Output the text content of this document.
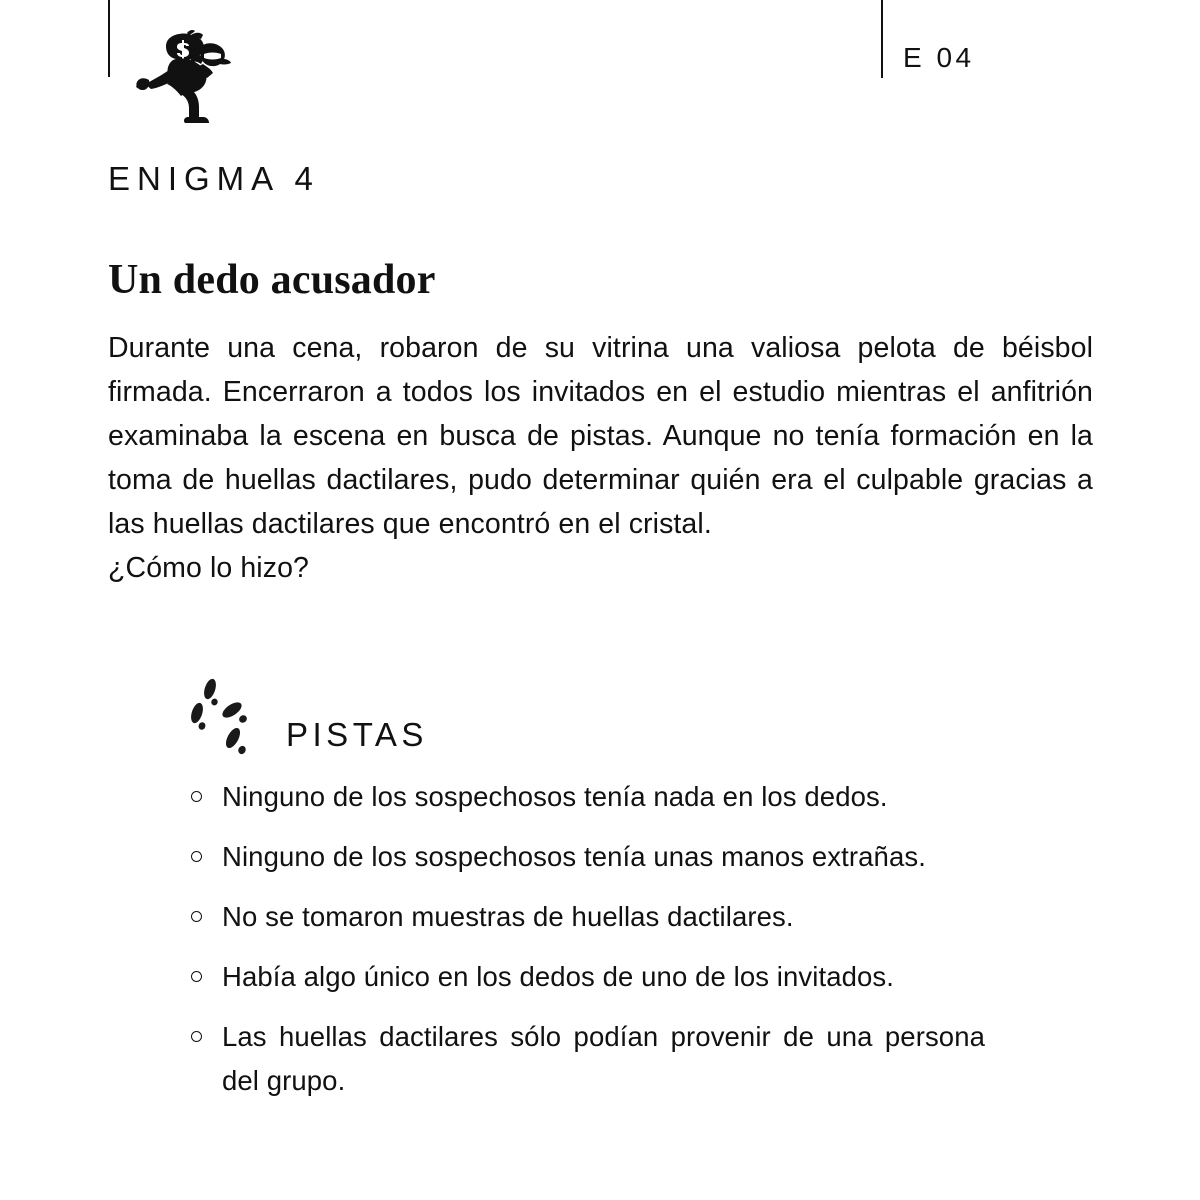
E 04
ENIGMA 4
Un dedo acusador

Durante una cena, robaron de su vitrina una valiosa pelota de béisbol firmada. Encerraron a todos los invitados en el estudio mientras el anfitrión examinaba la escena en busca de pistas. Aunque no tenía formación en la toma de huellas dactilares, pudo determinar quién era el culpable gracias a las huellas dactilares que encontró en el cristal.

¿Cómo lo hizo?

PISTAS
Ninguno de los sospechosos tenía nada en los dedos.
Ninguno de los sospechosos tenía unas manos extrañas.
No se tomaron muestras de huellas dactilares.
Había algo único en los dedos de uno de los invitados.
Las huellas dactilares sólo podían provenir de una persona del grupo.
